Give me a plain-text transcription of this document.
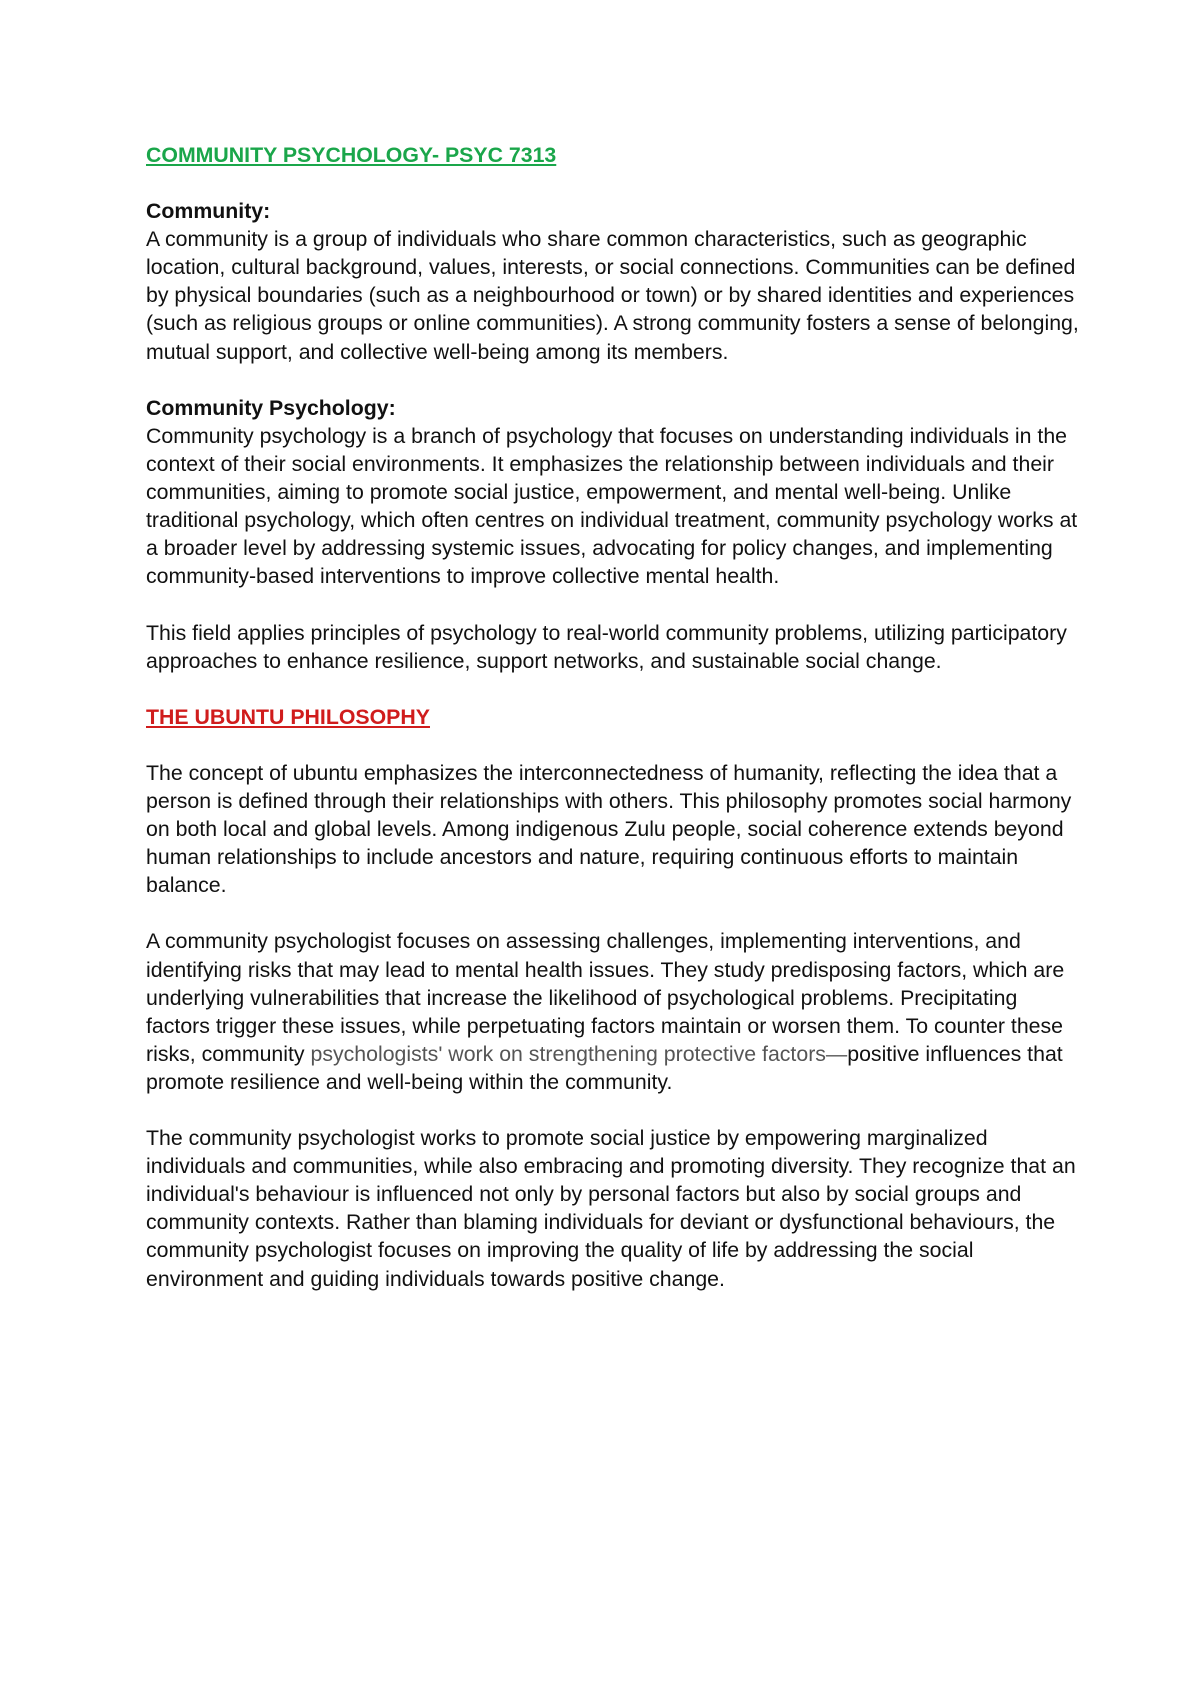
COMMUNITY PSYCHOLOGY- PSYC 7313
Community:

A community is a group of individuals who share common characteristics, such as geographic location, cultural background, values, interests, or social connections. Communities can be defined by physical boundaries (such as a neighbourhood or town) or by shared identities and experiences (such as religious groups or online communities). A strong community fosters a sense of belonging, mutual support, and collective well-being among its members.

Community Psychology:

Community psychology is a branch of psychology that focuses on understanding individuals in the context of their social environments. It emphasizes the relationship between individuals and their communities, aiming to promote social justice, empowerment, and mental well-being. Unlike traditional psychology, which often centres on individual treatment, community psychology works at a broader level by addressing systemic issues, advocating for policy changes, and implementing community-based interventions to improve collective mental health.

This field applies principles of psychology to real-world community problems, utilizing participatory approaches to enhance resilience, support networks, and sustainable social change.

THE UBUNTU PHILOSOPHY

The concept of ubuntu emphasizes the interconnectedness of humanity, reflecting the idea that a person is defined through their relationships with others. This philosophy promotes social harmony on both local and global levels. Among indigenous Zulu people, social coherence extends beyond human relationships to include ancestors and nature, requiring continuous efforts to maintain balance.

A community psychologist focuses on assessing challenges, implementing interventions, and identifying risks that may lead to mental health issues. They study predisposing factors, which are underlying vulnerabilities that increase the likelihood of psychological problems. Precipitating factors trigger these issues, while perpetuating factors maintain or worsen them. To counter these risks, community psychologists' work on strengthening protective factors—positive influences that promote resilience and well-being within the community.

The community psychologist works to promote social justice by empowering marginalized individuals and communities, while also embracing and promoting diversity. They recognize that an individual's behaviour is influenced not only by personal factors but also by social groups and community contexts. Rather than blaming individuals for deviant or dysfunctional behaviours, the community psychologist focuses on improving the quality of life by addressing the social environment and guiding individuals towards positive change.
